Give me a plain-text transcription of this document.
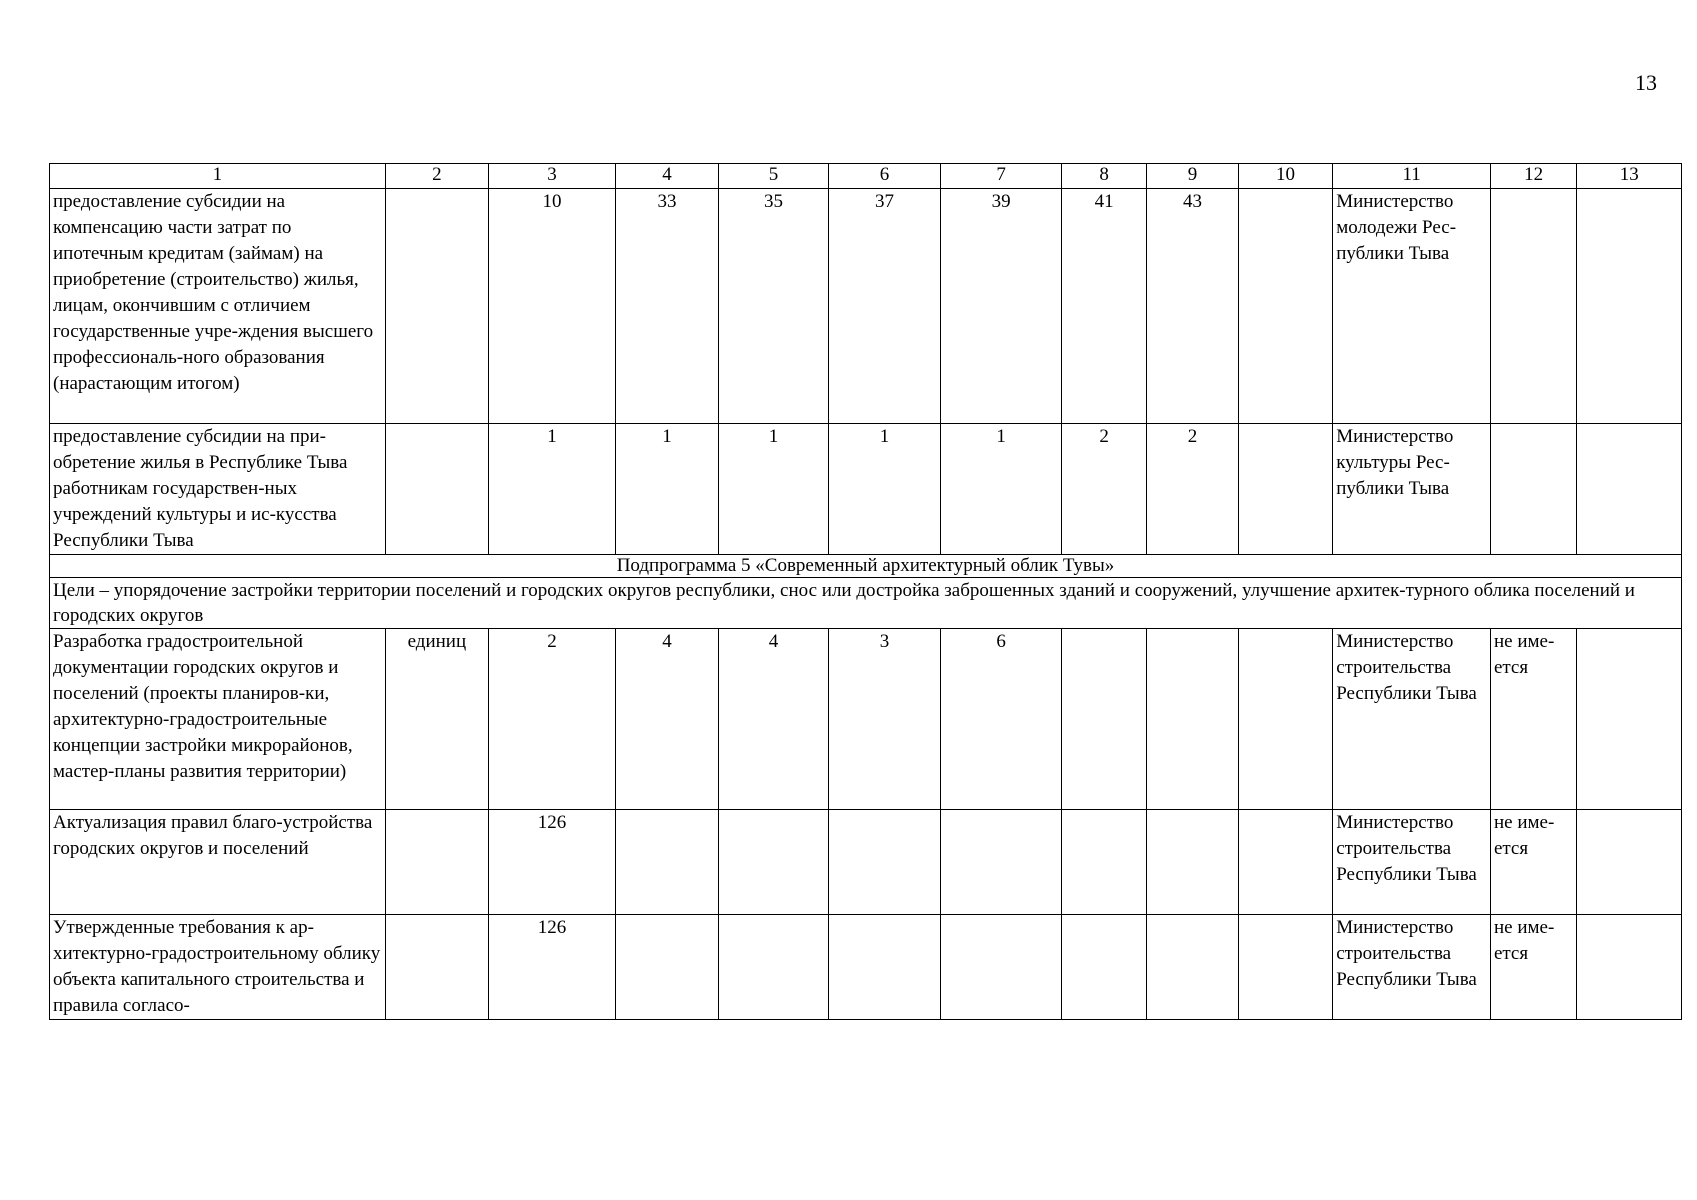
13
1	2	3	4	5	6	7	8	9	10	11	12	13
предоставление субсидии на компенсацию части затрат по ипотечным кредитам (займам) на приобретение (строительство) жилья, лицам, окончившим с отличием государственные учре-ждения высшего профессиональ-ного образования (нарастающим итогом)		10	33	35	37	39	41	43		Министерство молодежи Рес-публики Тыва		
предоставление субсидии на при-обретение жилья в Республике Тыва работникам государствен-ных учреждений культуры и ис-кусства Республики Тыва		1	1	1	1	1	2	2		Министерство культуры Рес-публики Тыва		
Подпрограмма 5 «Современный архитектурный облик Тувы»												
Цели – упорядочение застройки территории поселений и городских округов республики, снос или достройка заброшенных зданий и сооружений, улучшение архитек-турного облика поселений и городских округов												
Разработка градостроительной документации городских округов и поселений (проекты планиров-ки, архитектурно-градостроительные концепции застройки микрорайонов, мастер-планы развития территории)	единиц	2	4	4	3	6				Министерство строительства Республики Тыва	не име-ется	
Актуализация правил благо-устройства городских округов и поселений		126								Министерство строительства Республики Тыва	не име-ется	
Утвержденные требования к ар-хитектурно-градостроительному облику объекта капитального строительства и правила согласо-		126								Министерство строительства Республики Тыва	не име-ется	
